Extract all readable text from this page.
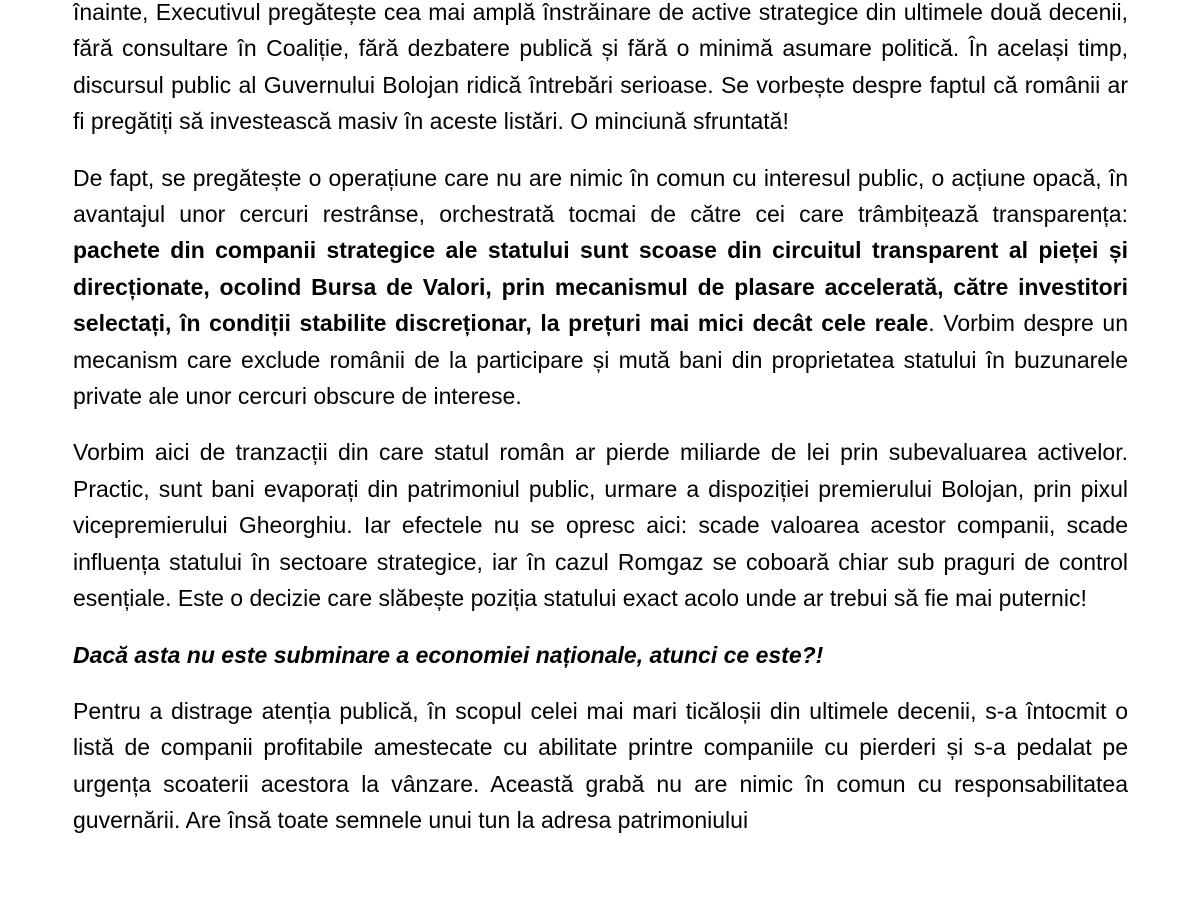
înainte, Executivul pregătește cea mai amplă înstrăinare de active strategice din ultimele două decenii, fără consultare în Coaliție, fără dezbatere publică și fără o minimă asumare politică. În același timp, discursul public al Guvernului Bolojan ridică întrebări serioase. Se vorbește despre faptul că românii ar fi pregătiți să investească masiv în aceste listări. O minciună sfruntată!

De fapt, se pregătește o operațiune care nu are nimic în comun cu interesul public, o acțiune opacă, în avantajul unor cercuri restrânse, orchestrată tocmai de către cei care trâmbițează transparența: pachete din companii strategice ale statului sunt scoase din circuitul transparent al pieței și direcționate, ocolind Bursa de Valori, prin mecanismul de plasare accelerată, către investitori selectați, în condiții stabilite discreționar, la prețuri mai mici decât cele reale. Vorbim despre un mecanism care exclude românii de la participare și mută bani din proprietatea statului în buzunarele private ale unor cercuri obscure de interese.

Vorbim aici de tranzacții din care statul român ar pierde miliarde de lei prin subevaluarea activelor. Practic, sunt bani evaporați din patrimoniul public, urmare a dispoziției premierului Bolojan, prin pixul vicepremierului Gheorghiu. Iar efectele nu se opresc aici: scade valoarea acestor companii, scade influența statului în sectoare strategice, iar în cazul Romgaz se coboară chiar sub praguri de control esențiale. Este o decizie care slăbește poziția statului exact acolo unde ar trebui să fie mai puternic!

Dacă asta nu este subminare a economiei naționale, atunci ce este?!

Pentru a distrage atenția publică, în scopul celei mai mari ticăloșii din ultimele decenii, s-a întocmit o listă de companii profitabile amestecate cu abilitate printre companiile cu pierderi și s-a pedalat pe urgența scoaterii acestora la vânzare. Această grabă nu are nimic în comun cu responsabilitatea guvernării. Are însă toate semnele unui tun la adresa patrimoniului
